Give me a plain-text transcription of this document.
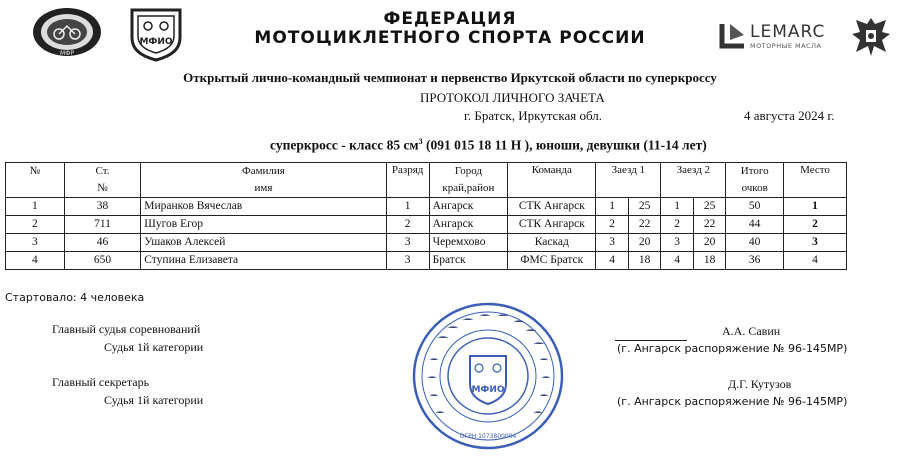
МФР
МФИО
ФЕДЕРАЦИЯ
МОТОЦИКЛЕТНОГО СПОРТА РОССИИ	LEMARC
МОТОРНЫЕ МАСЛА
Открытый лично-командный чемпионат и первенство Иркутской области по суперкроссу
ПРОТОКОЛ ЛИЧНОГО ЗАЧЕТА
г. Братск, Иркутская обл.	4 августа 2024 г.
суперкросс - класс 85 $см^3$ (091 015 18 11 Н ), юноши, девушки (11-14 лет)
№	Ст.	Фамилия	Разряд	Город	Команда	Заезд 1		Заезд 2		Итого	Место
	№	имя		край,район						очков	
1	38	Миранков Вячеслав	1	Ангарск	СТК Ангарск	1	25	1	25	50	1
2	711	Шугов Егор	2	Ангарск	СТК Ангарск	2	22	2	22	44	2
3	46	Ушаков Алексей	3	Черемхово	Каскад	3	20	3	20	40	3
4	650	Ступина Елизавета	3	Братск	ФМС Братск	4	18	4	18	36	4
Стартовало: 4 человека
Главный судья соревнований
Судья 1й категории
А.А. Савин
(г. Ангарск распоряжение № 96-145МР)
Главный секретарь
Судья 1й категории
Д.Г. Кутузов
(г. Ангарск распоряжение № 96-145МР)
МФИО
ОГРН 1073800004
